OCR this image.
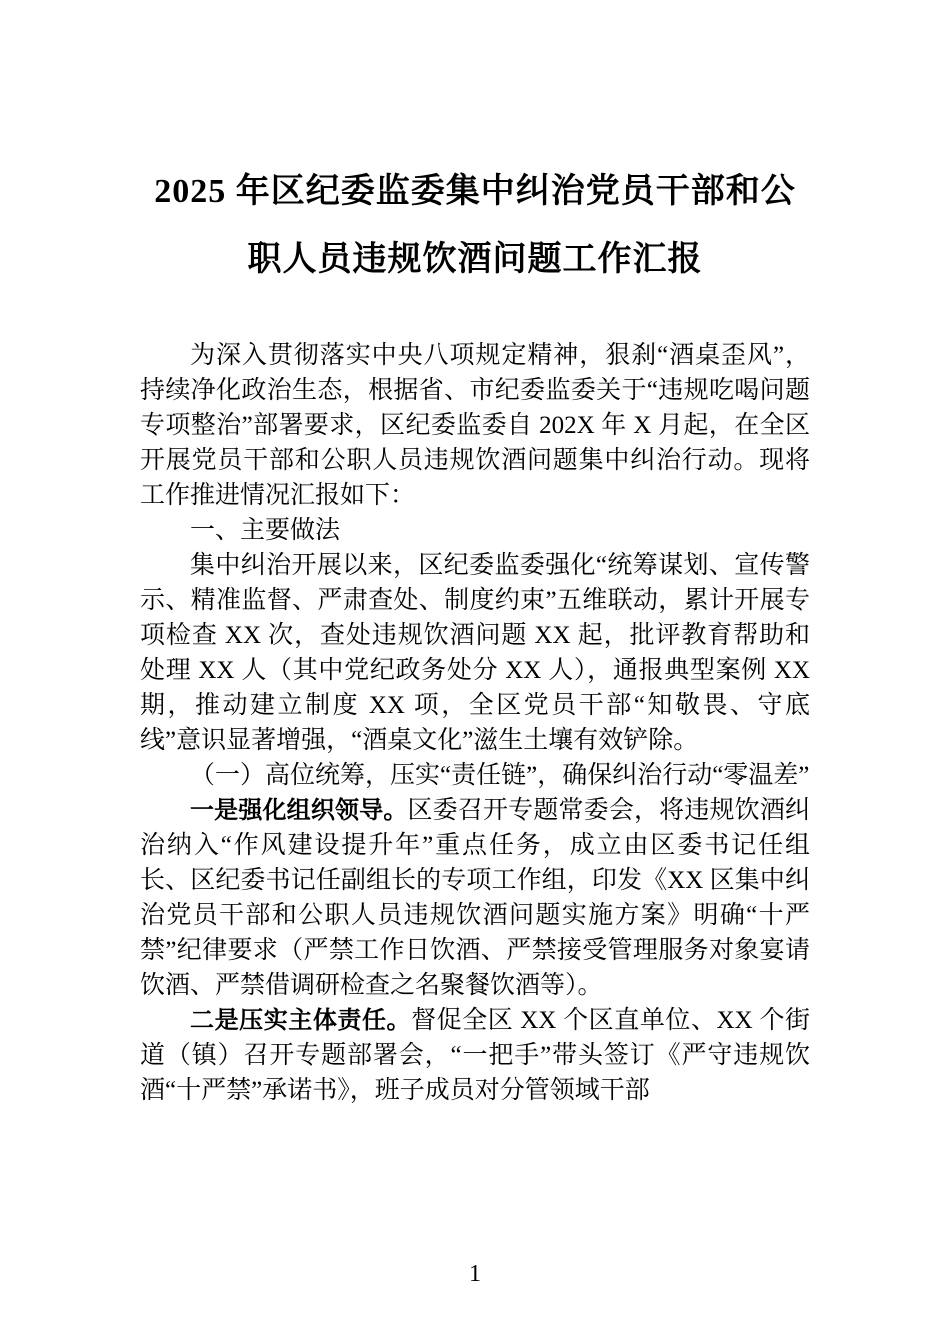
2025 年区纪委监委集中纠治党员干部和公
职人员违规饮酒问题工作汇报

为深入贯彻落实中央八项规定精神，狠刹“酒桌歪风”，持续净化政治生态，根据省、市纪委监委关于“违规吃喝问题专项整治”部署要求，区纪委监委自 202X 年 X 月起，在全区开展党员干部和公职人员违规饮酒问题集中纠治行动。现将工作推进情况汇报如下：

一、主要做法

集中纠治开展以来，区纪委监委强化“统筹谋划、宣传警示、精准监督、严肃查处、制度约束”五维联动，累计开展专项检查 XX 次，查处违规饮酒问题 XX 起，批评教育帮助和处理 XX 人（其中党纪政务处分 XX 人），通报典型案例 XX 期，推动建立制度 XX 项，全区党员干部“知敬畏、守底线”意识显著增强，“酒桌文化”滋生土壤有效铲除。

（一）高位统筹，压实“责任链”，确保纠治行动“零温差”

一是强化组织领导。区委召开专题常委会，将违规饮酒纠治纳入“作风建设提升年”重点任务，成立由区委书记任组长、区纪委书记任副组长的专项工作组，印发《XX 区集中纠治党员干部和公职人员违规饮酒问题实施方案》明确“十严禁”纪律要求（严禁工作日饮酒、严禁接受管理服务对象宴请饮酒、严禁借调研检查之名聚餐饮酒等）。

二是压实主体责任。督促全区 XX 个区直单位、XX 个街道（镇）召开专题部署会，“一把手”带头签订《严守违规饮酒“十严禁”承诺书》，班子成员对分管领域干部

1
